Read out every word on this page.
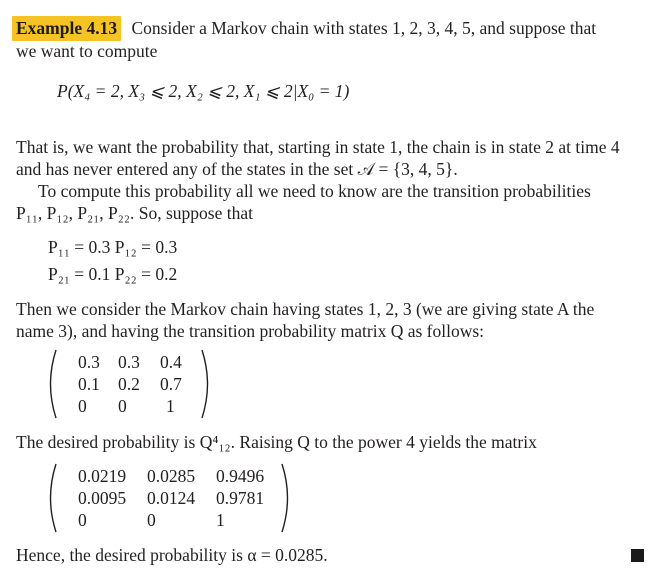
Example 4.13 Consider a Markov chain with states 1, 2, 3, 4, 5, and suppose that
we want to compute
P(X₄ = 2, X₃ ⩽ 2, X₂ ⩽ 2, X₁ ⩽ 2|X₀ = 1)
That is, we want the probability that, starting in state 1, the chain is in state 2 at time 4
and has never entered any of the states in the set 𝒜 = {3, 4, 5}.
To compute this probability all we need to know are the transition probabilities
P₁₁, P₁₂, P₂₁, P₂₂. So, suppose that
P₁₁ = 0.3 P₁₂ = 0.3
P₂₁ = 0.1 P₂₂ = 0.2
Then we consider the Markov chain having states 1, 2, 3 (we are giving state A the
name 3), and having the transition probability matrix Q as follows:
0.3 0.3 0.4
0.1 0.2 0.7
0 0 1
The desired probability is Q⁴₁₂. Raising Q to the power 4 yields the matrix
0.0219 0.0285 0.9496
0.0095 0.0124 0.9781
0	0	1
Hence, the desired probability is α = 0.0285.
